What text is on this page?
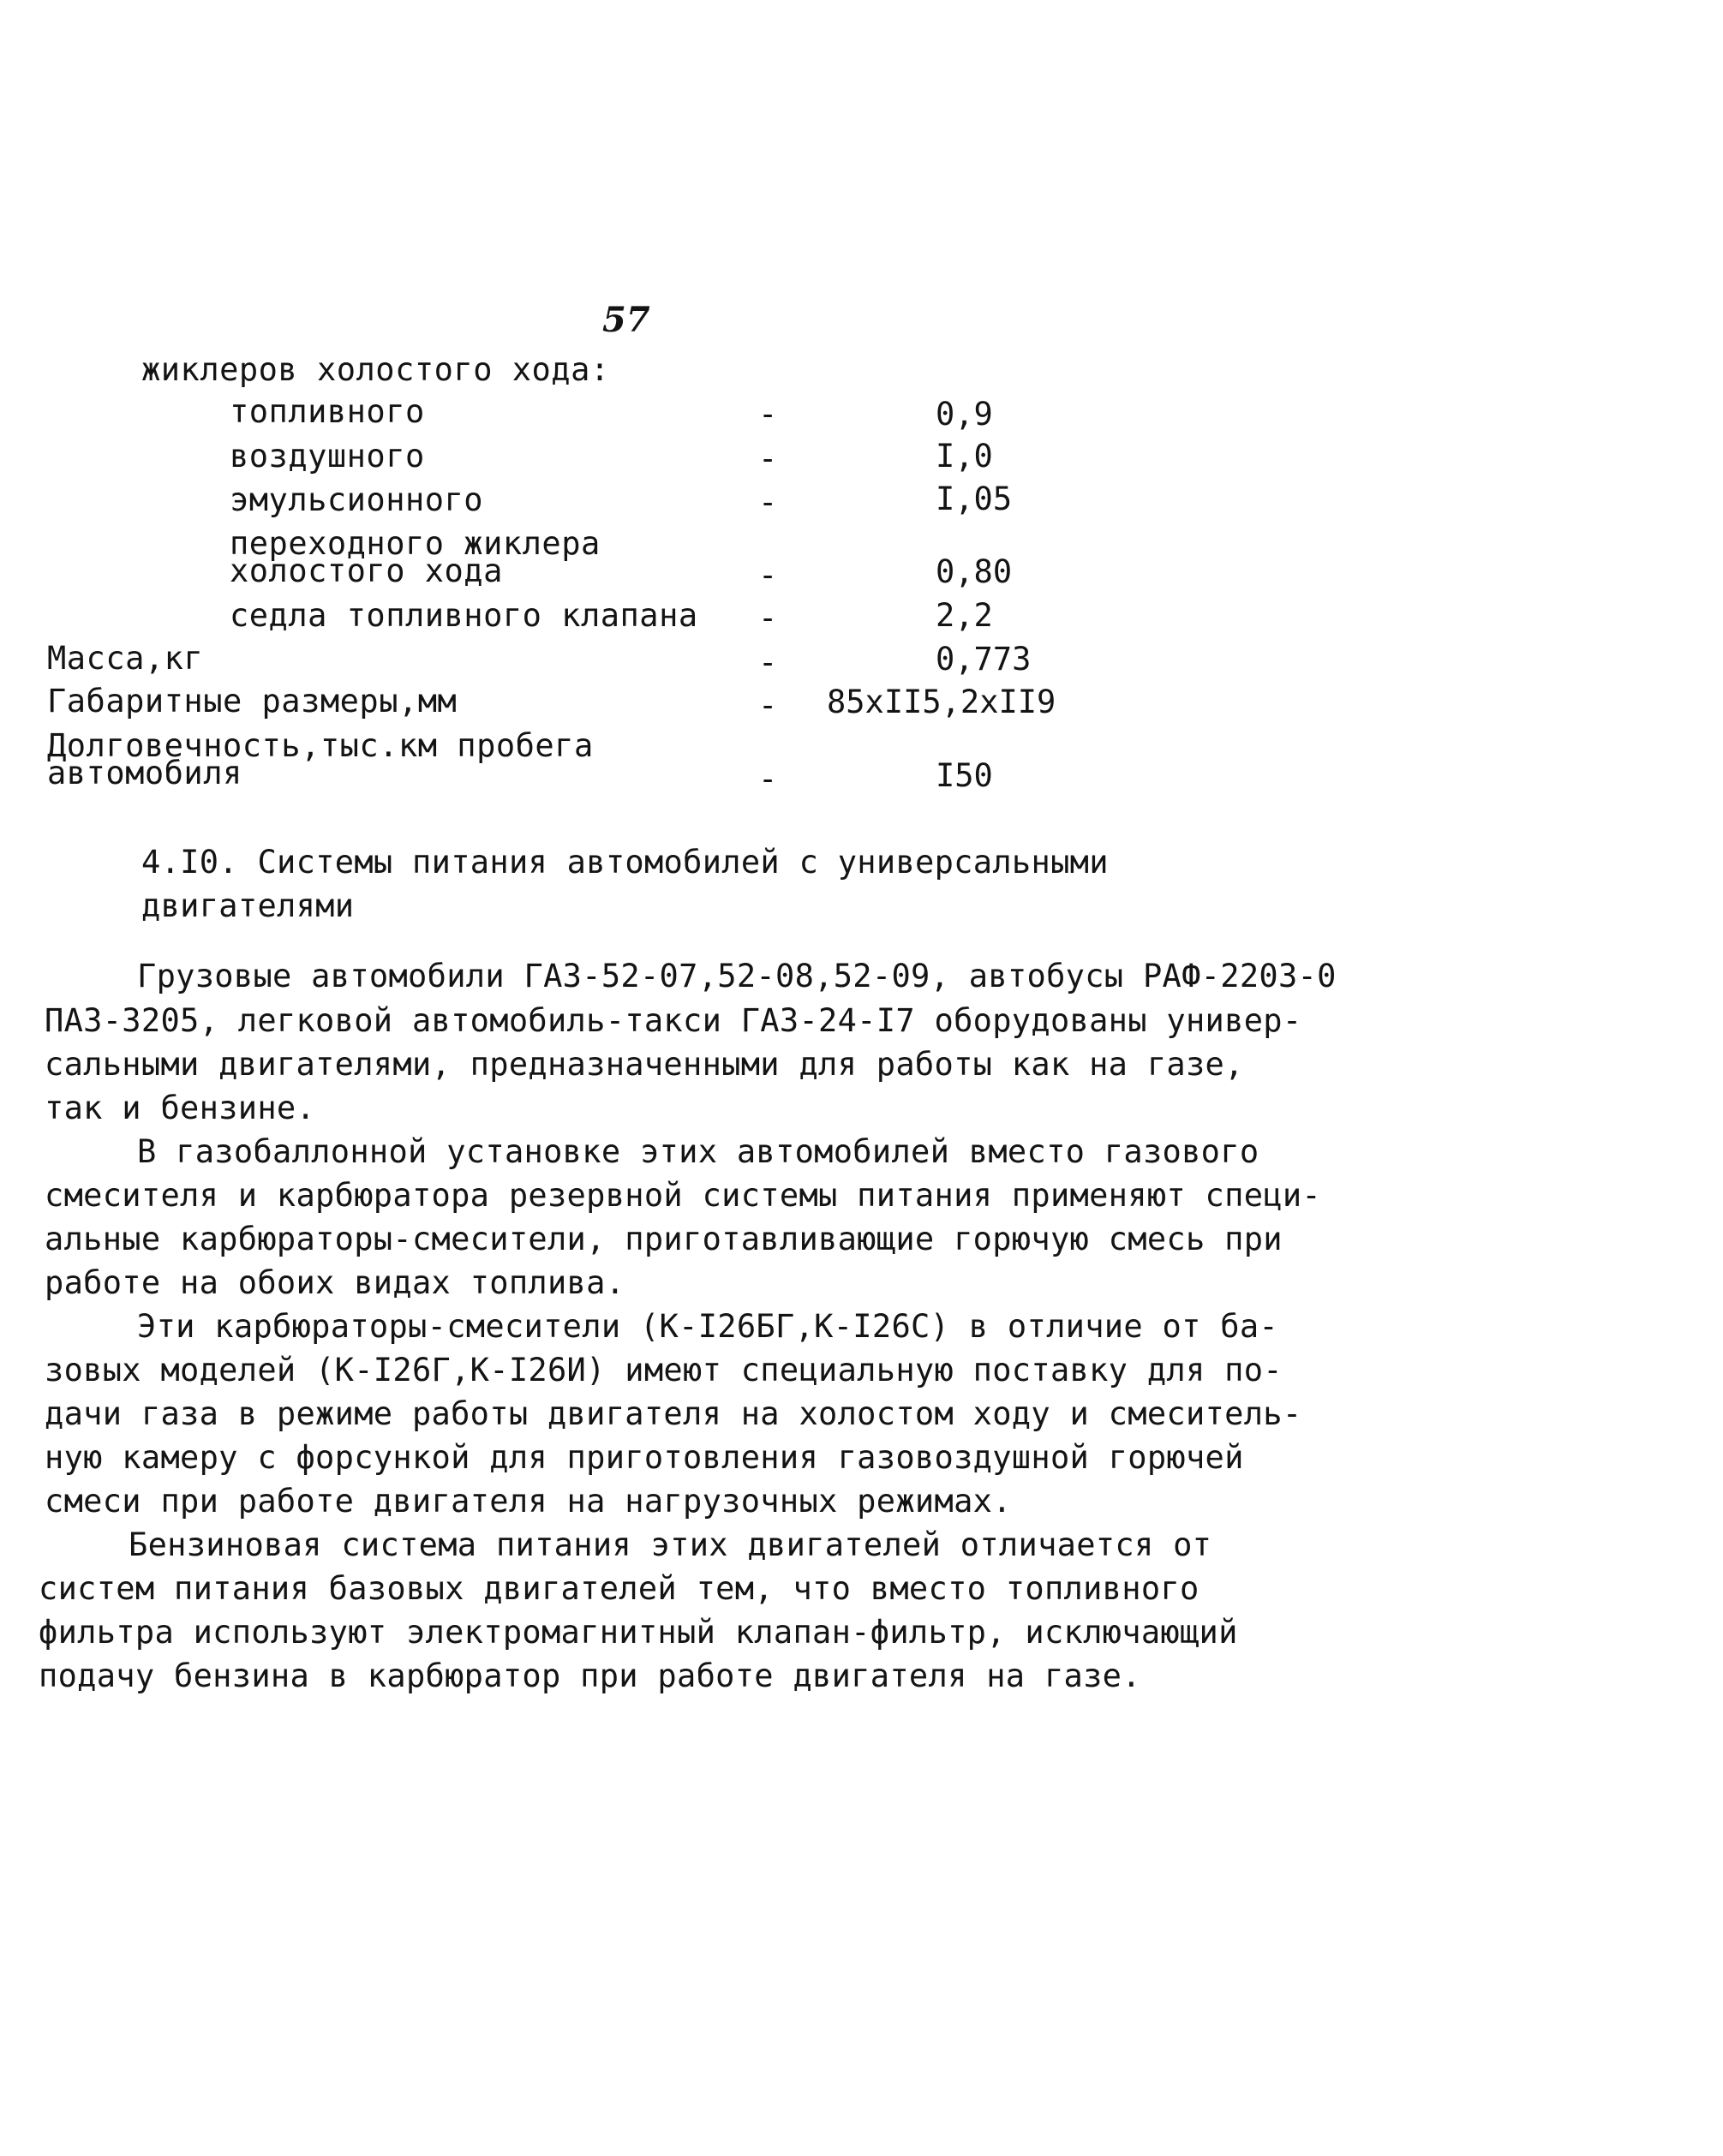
57
жиклеров холостого хода:
топливного	-	0,9
воздушного	-	I,0
эмульсионного	-	I,05
переходного жиклера
холостого хода	-	0,80
седла топливного клапана -	2,2
Масса,кг	-	0,773
Габаритные размеры,мм	- 85xII5,2xII9
Долговечность,тыс.км пробега
автомобиля	-	I50
4.I0. Системы питания автомобилей с универсальными
двигателями
Грузовые автомобили ГАЗ-52-07,52-08,52-09, автобусы РАФ-2203-0
ПАЗ-3205, легковой автомобиль-такси ГАЗ-24-I7 оборудованы универ-
сальными двигателями, предназначенными для работы как на газе,
так и бензине.
В газобаллонной установке этих автомобилей вместо газового
смесителя и карбюратора резервной системы питания применяют специ-
альные карбюраторы-смесители, приготавливающие горючую смесь при
работе на обоих видах топлива.
Эти карбюраторы-смесители (К-I26БГ,К-I26С) в отличие от ба-
зовых моделей (К-I26Г,К-I26И) имеют специальную поставку для по-
дачи газа в режиме работы двигателя на холостом ходу и смеситель-
ную камеру с форсункой для приготовления газовоздушной горючей
смеси при работе двигателя на нагрузочных режимах.
Бензиновая система питания этих двигателей отличается от
систем питания базовых двигателей тем, что вместо топливного
фильтра используют электромагнитный клапан-фильтр, исключающий
подачу бензина в карбюратор при работе двигателя на газе.
